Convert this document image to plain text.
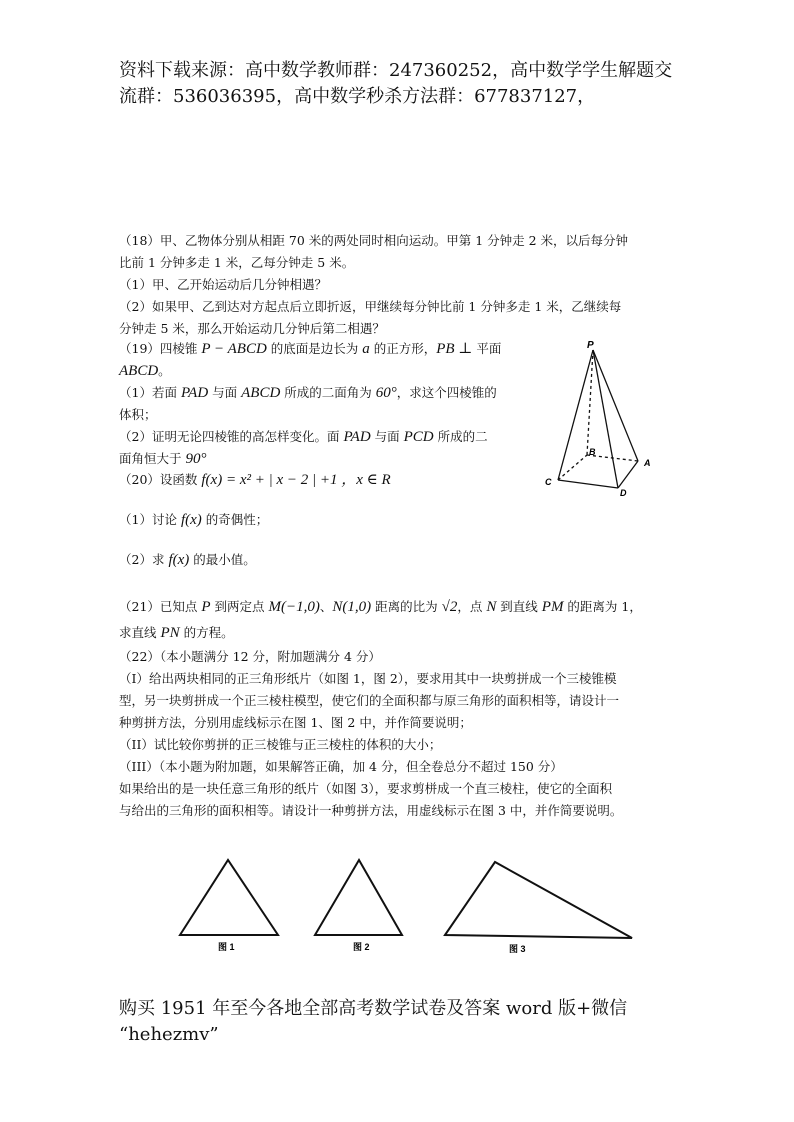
资料下载来源：高中数学教师群：247360252，高中数学学生解题交
流群：536036395，高中数学秒杀方法群：677837127，
（18）甲、乙物体分别从相距 70 米的两处同时相向运动。甲第 1 分钟走 2 米，以后每分钟
比前 1 分钟多走 1 米，乙每分钟走 5 米。
（1）甲、乙开始运动后几分钟相遇？
（2）如果甲、乙到达对方起点后立即折返，甲继续每分钟比前 1 分钟多走 1 米，乙继续每
分钟走 5 米，那么开始运动几分钟后第二相遇？
（19）四棱锥 P − ABCD 的底面是边长为 a 的正方形，PB ⊥ 平面
ABCD。
（1）若面 PAD 与面 ABCD 所成的二面角为 60°，求这个四棱锥的
体积；
（2）证明无论四棱锥的高怎样变化。面 PAD 与面 PCD 所成的二
面角恒大于 90°
P
B
A
C
D
（20）设函数 f(x) = x² + | x − 2 | +1 ，x ∈ R
（1）讨论 f(x) 的奇偶性；
（2）求 f(x) 的最小值。
（21）已知点 P 到两定点 M(−1,0)、N(1,0) 距离的比为 √2，点 N 到直线 PM 的距离为 1，
求直线 PN 的方程。
（22）（本小题满分 12 分，附加题满分 4 分）
（I）给出两块相同的正三角形纸片（如图 1，图 2），要求用其中一块剪拼成一个三棱锥模
型，另一块剪拼成一个正三棱柱模型，使它们的全面积都与原三角形的面积相等，请设计一
种剪拼方法，分别用虚线标示在图 1、图 2 中，并作简要说明；
（II）试比较你剪拼的正三棱锥与正三棱柱的体积的大小；
（III）（本小题为附加题，如果解答正确，加 4 分，但全卷总分不超过 150 分）
如果给出的是一块任意三角形的纸片（如图 3），要求剪栟成一个直三棱柱，使它的全面积
与给出的三角形的面积相等。请设计一种剪拼方法，用虚线标示在图 3 中，并作简要说明。
图 1	图 2	图 3
购买 1951 年至今各地全部高考数学试卷及答案 word 版+微信
“hehezmv”
